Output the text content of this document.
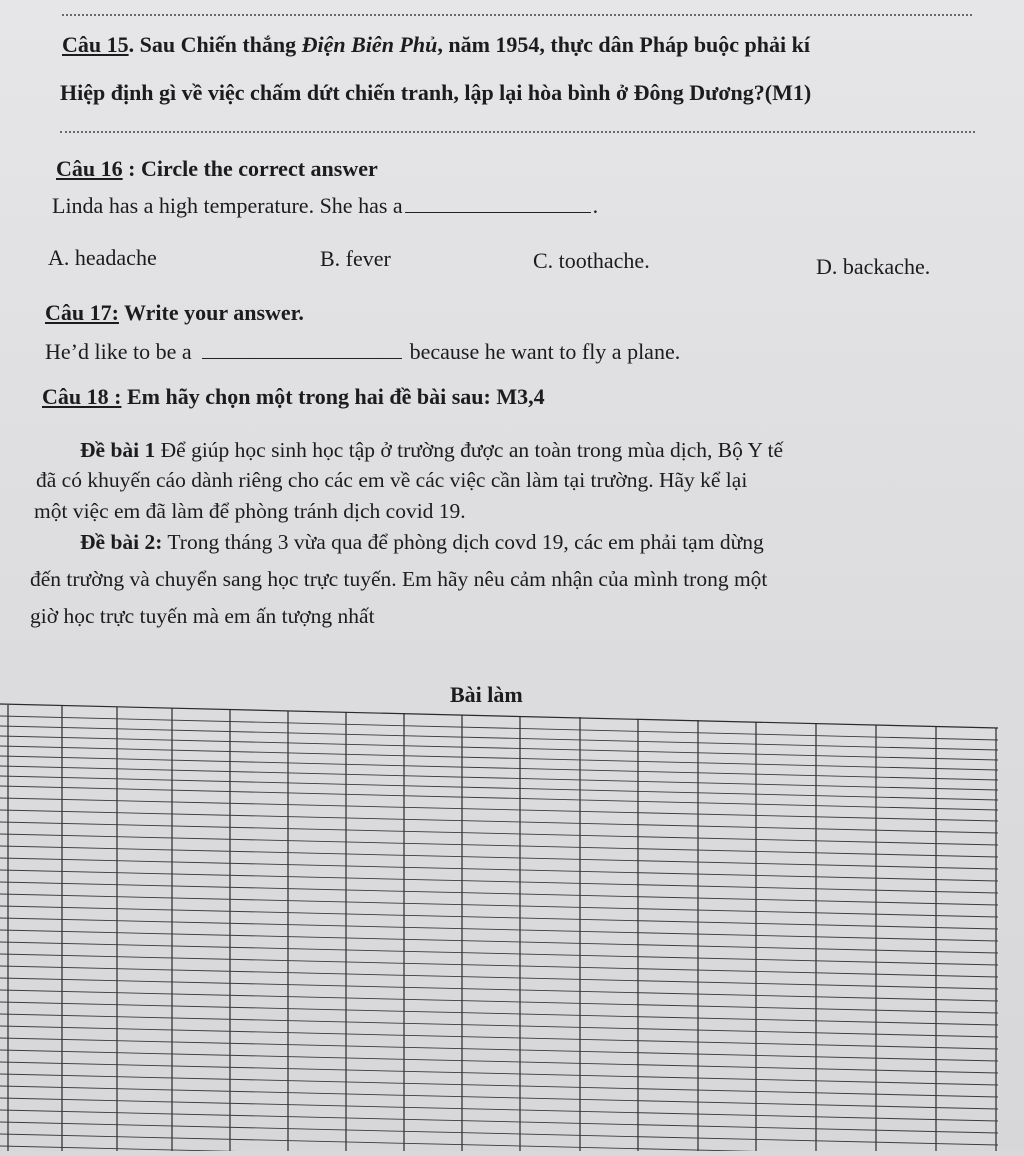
Câu 15. Sau Chiến thắng Điện Biên Phủ, năm 1954, thực dân Pháp buộc phải kí
Hiệp định gì về việc chấm dứt chiến tranh, lập lại hòa bình ở Đông Dương?(M1)
Câu 16 : Circle the correct answer
Linda has a high temperature. She has a	.
A. headache	B. fever	C. toothache.	D. backache.
Câu 17: Write your answer.
He’d like to be a	because he want to fly a plane.
Câu 18 : Em hãy chọn một trong hai đề bài sau: M3,4
Đề bài 1 Để giúp học sinh học tập ở trường được an toàn trong mùa dịch, Bộ Y tế
đã có khuyến cáo dành riêng cho các em về các việc cần làm tại trường. Hãy kể lại
một việc em đã làm để phòng tránh dịch covid 19.
Đề bài 2: Trong tháng 3 vừa qua để phòng dịch covd 19, các em phải tạm dừng
đến trường và chuyển sang học trực tuyến. Em hãy nêu cảm nhận của mình trong một
giờ học trực tuyến mà em ấn tượng nhất
Bài làm
